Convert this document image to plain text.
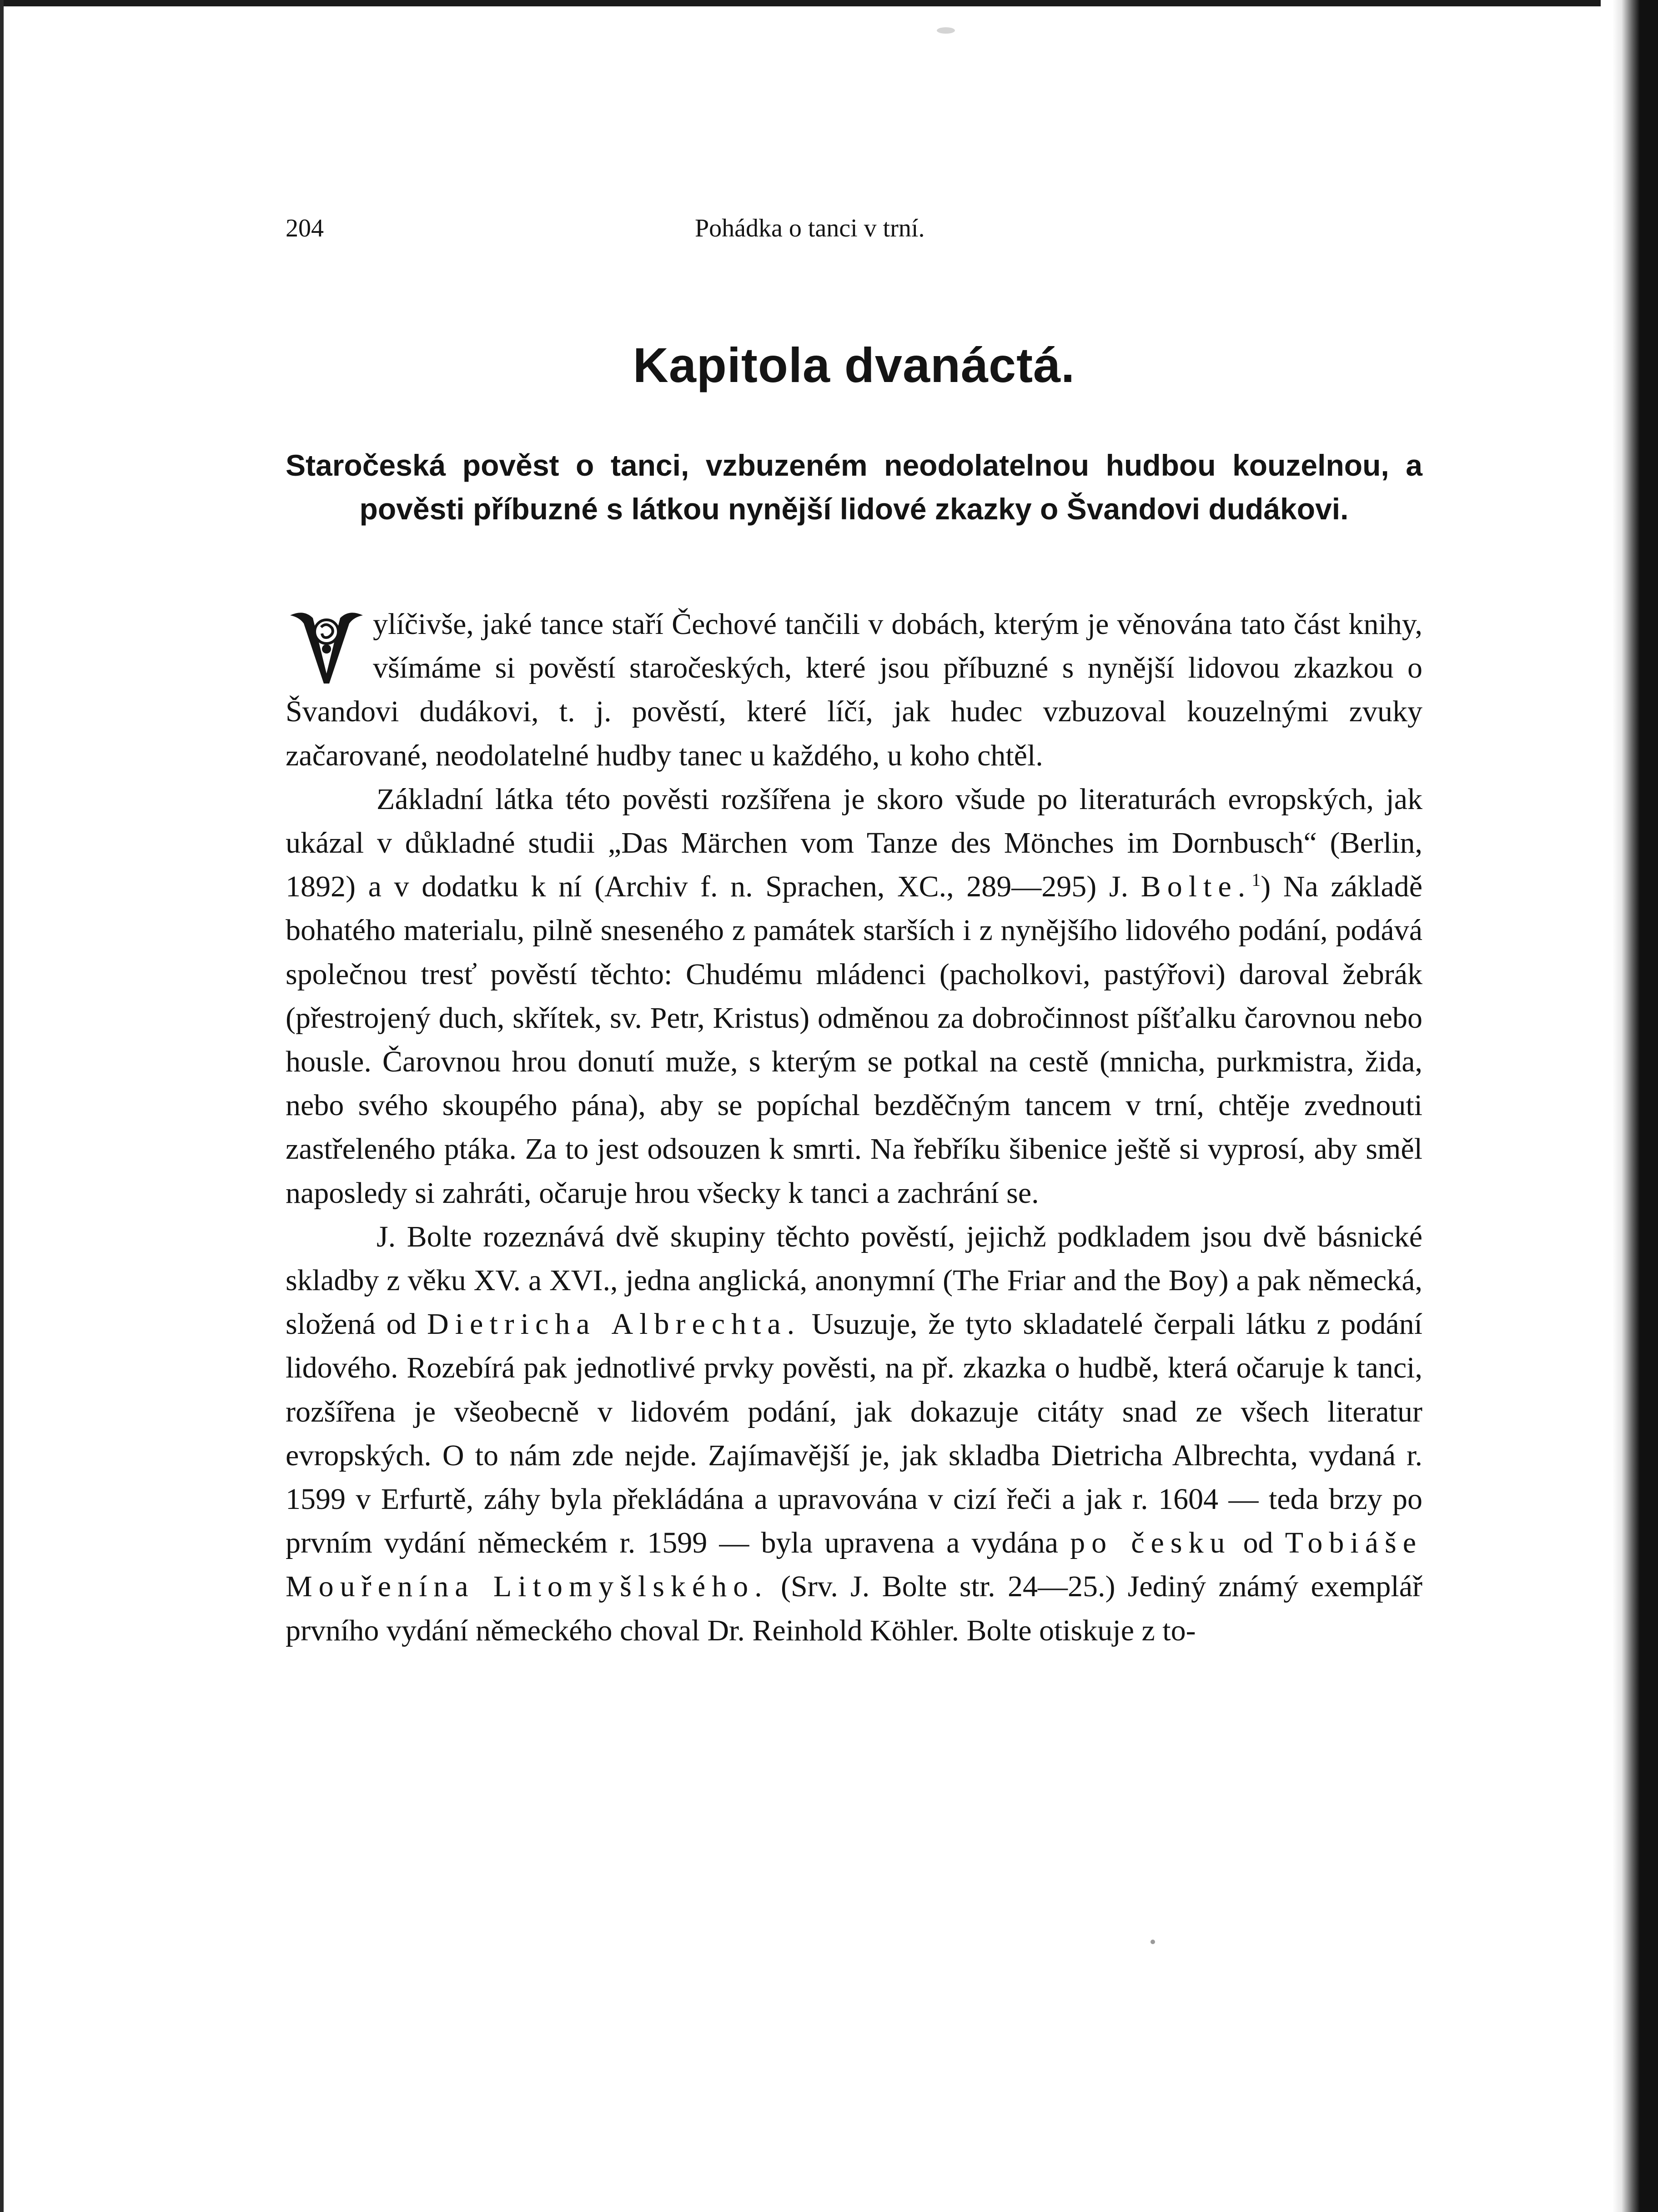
204	Pohádka o tanci v trní.
Kapitola dvanáctá.
Staročeská pověst o tanci, vzbuzeném neodolatelnou hudbou kouzelnou, a pověsti příbuzné s látkou nynější lidové zkazky o Švandovi dudákovi.

ylíčivše, jaké tance staří Čechové tančili v dobách, kterým je věnována tato část knihy, všímáme si pověstí staročeských, které jsou příbuzné s nynější lidovou zkazkou o Švandovi dudákovi, t. j. pověstí, které líčí, jak hudec vzbuzoval kouzelnými zvuky začarované, neodolatelné hudby tanec u každého, u koho chtěl.

Základní látka této pověsti rozšířena je skoro všude po literaturách evropských, jak ukázal v důkladné studii „Das Märchen vom Tanze des Mönches im Dornbusch“ (Berlin, 1892) a v dodatku k ní (Archiv f. n. Sprachen, XC., 289—295) J. Bolte.$^1$) Na základě bohatého materialu, pilně sneseného z památek starších i z nynějšího lidového podání, podává společnou tresť pověstí těchto: Chudému mládenci (pacholkovi, pastýřovi) daroval žebrák (přestrojený duch, skřítek, sv. Petr, Kristus) odměnou za dobročinnost píšťalku čarovnou nebo housle. Čarovnou hrou donutí muže, s kterým se potkal na cestě (mnicha, purkmistra, žida, nebo svého skoupého pána), aby se popíchal bezděčným tancem v trní, chtěje zvednouti zastřeleného ptáka. Za to jest odsouzen k smrti. Na řebříku šibenice ještě si vyprosí, aby směl naposledy si zahráti, očaruje hrou všecky k tanci a zachrání se.

J. Bolte rozeznává dvě skupiny těchto pověstí, jejichž podkladem jsou dvě básnické skladby z věku XV. a XVI., jedna anglická, anonymní (The Friar and the Boy) a pak německá, složená od Dietricha Albrechta. Usuzuje, že tyto skladatelé čerpali látku z podání lidového. Rozebírá pak jednotlivé prvky pověsti, na př. zkazka o hudbě, která očaruje k tanci, rozšířena je všeobecně v lidovém podání, jak dokazuje citáty snad ze všech literatur evropských. O to nám zde nejde. Zajímavější je, jak skladba Dietricha Albrechta, vydaná r. 1599 v Erfurtě, záhy byla překládána a upravována v cizí řeči a jak r. 1604 — teda brzy po prvním vydání německém r. 1599 — byla upravena a vydána po česku od Tobiáše Mouřenína Litomyšlského. (Srv. J. Bolte str. 24—25.) Jediný známý exemplář prvního vydání německého choval Dr. Reinhold Köhler. Bolte otiskuje z to-
